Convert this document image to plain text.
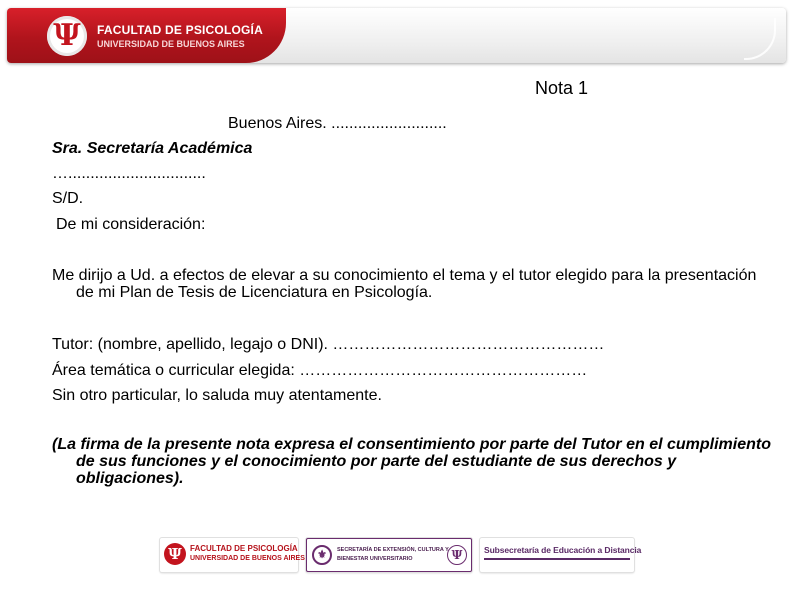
Ψ FACULTAD DE PSICOLOGÍA
UNIVERSIDAD DE BUENOS AIRES
Nota 1
Buenos Aires. ..........................
Sra. Secretaría Académica
…...............................
S/D.
De mi consideración:
Me dirijo a Ud. a efectos de elevar a su conocimiento el tema y el tutor elegido para la presentación de mi Plan de Tesis de Licenciatura en Psicología.
Tutor: (nombre, apellido, legajo o DNI). ……………………………………………
Área temática o curricular elegida: ………………………………………………
Sin otro particular, lo saluda muy atentamente.
(La firma de la presente nota expresa el consentimiento por parte del Tutor en el cumplimiento de sus funciones y el conocimiento por parte del estudiante de sus derechos y obligaciones).
Ψ	FACULTAD DE PSICOLOGÍA
UNIVERSIDAD DE BUENOS AIRES	⚜	SECRETARÍA DE EXTENSIÓN, CULTURA Y
BIENESTAR UNIVERSITARIO	Ψ	Subsecretaría de Educación a Distancia
